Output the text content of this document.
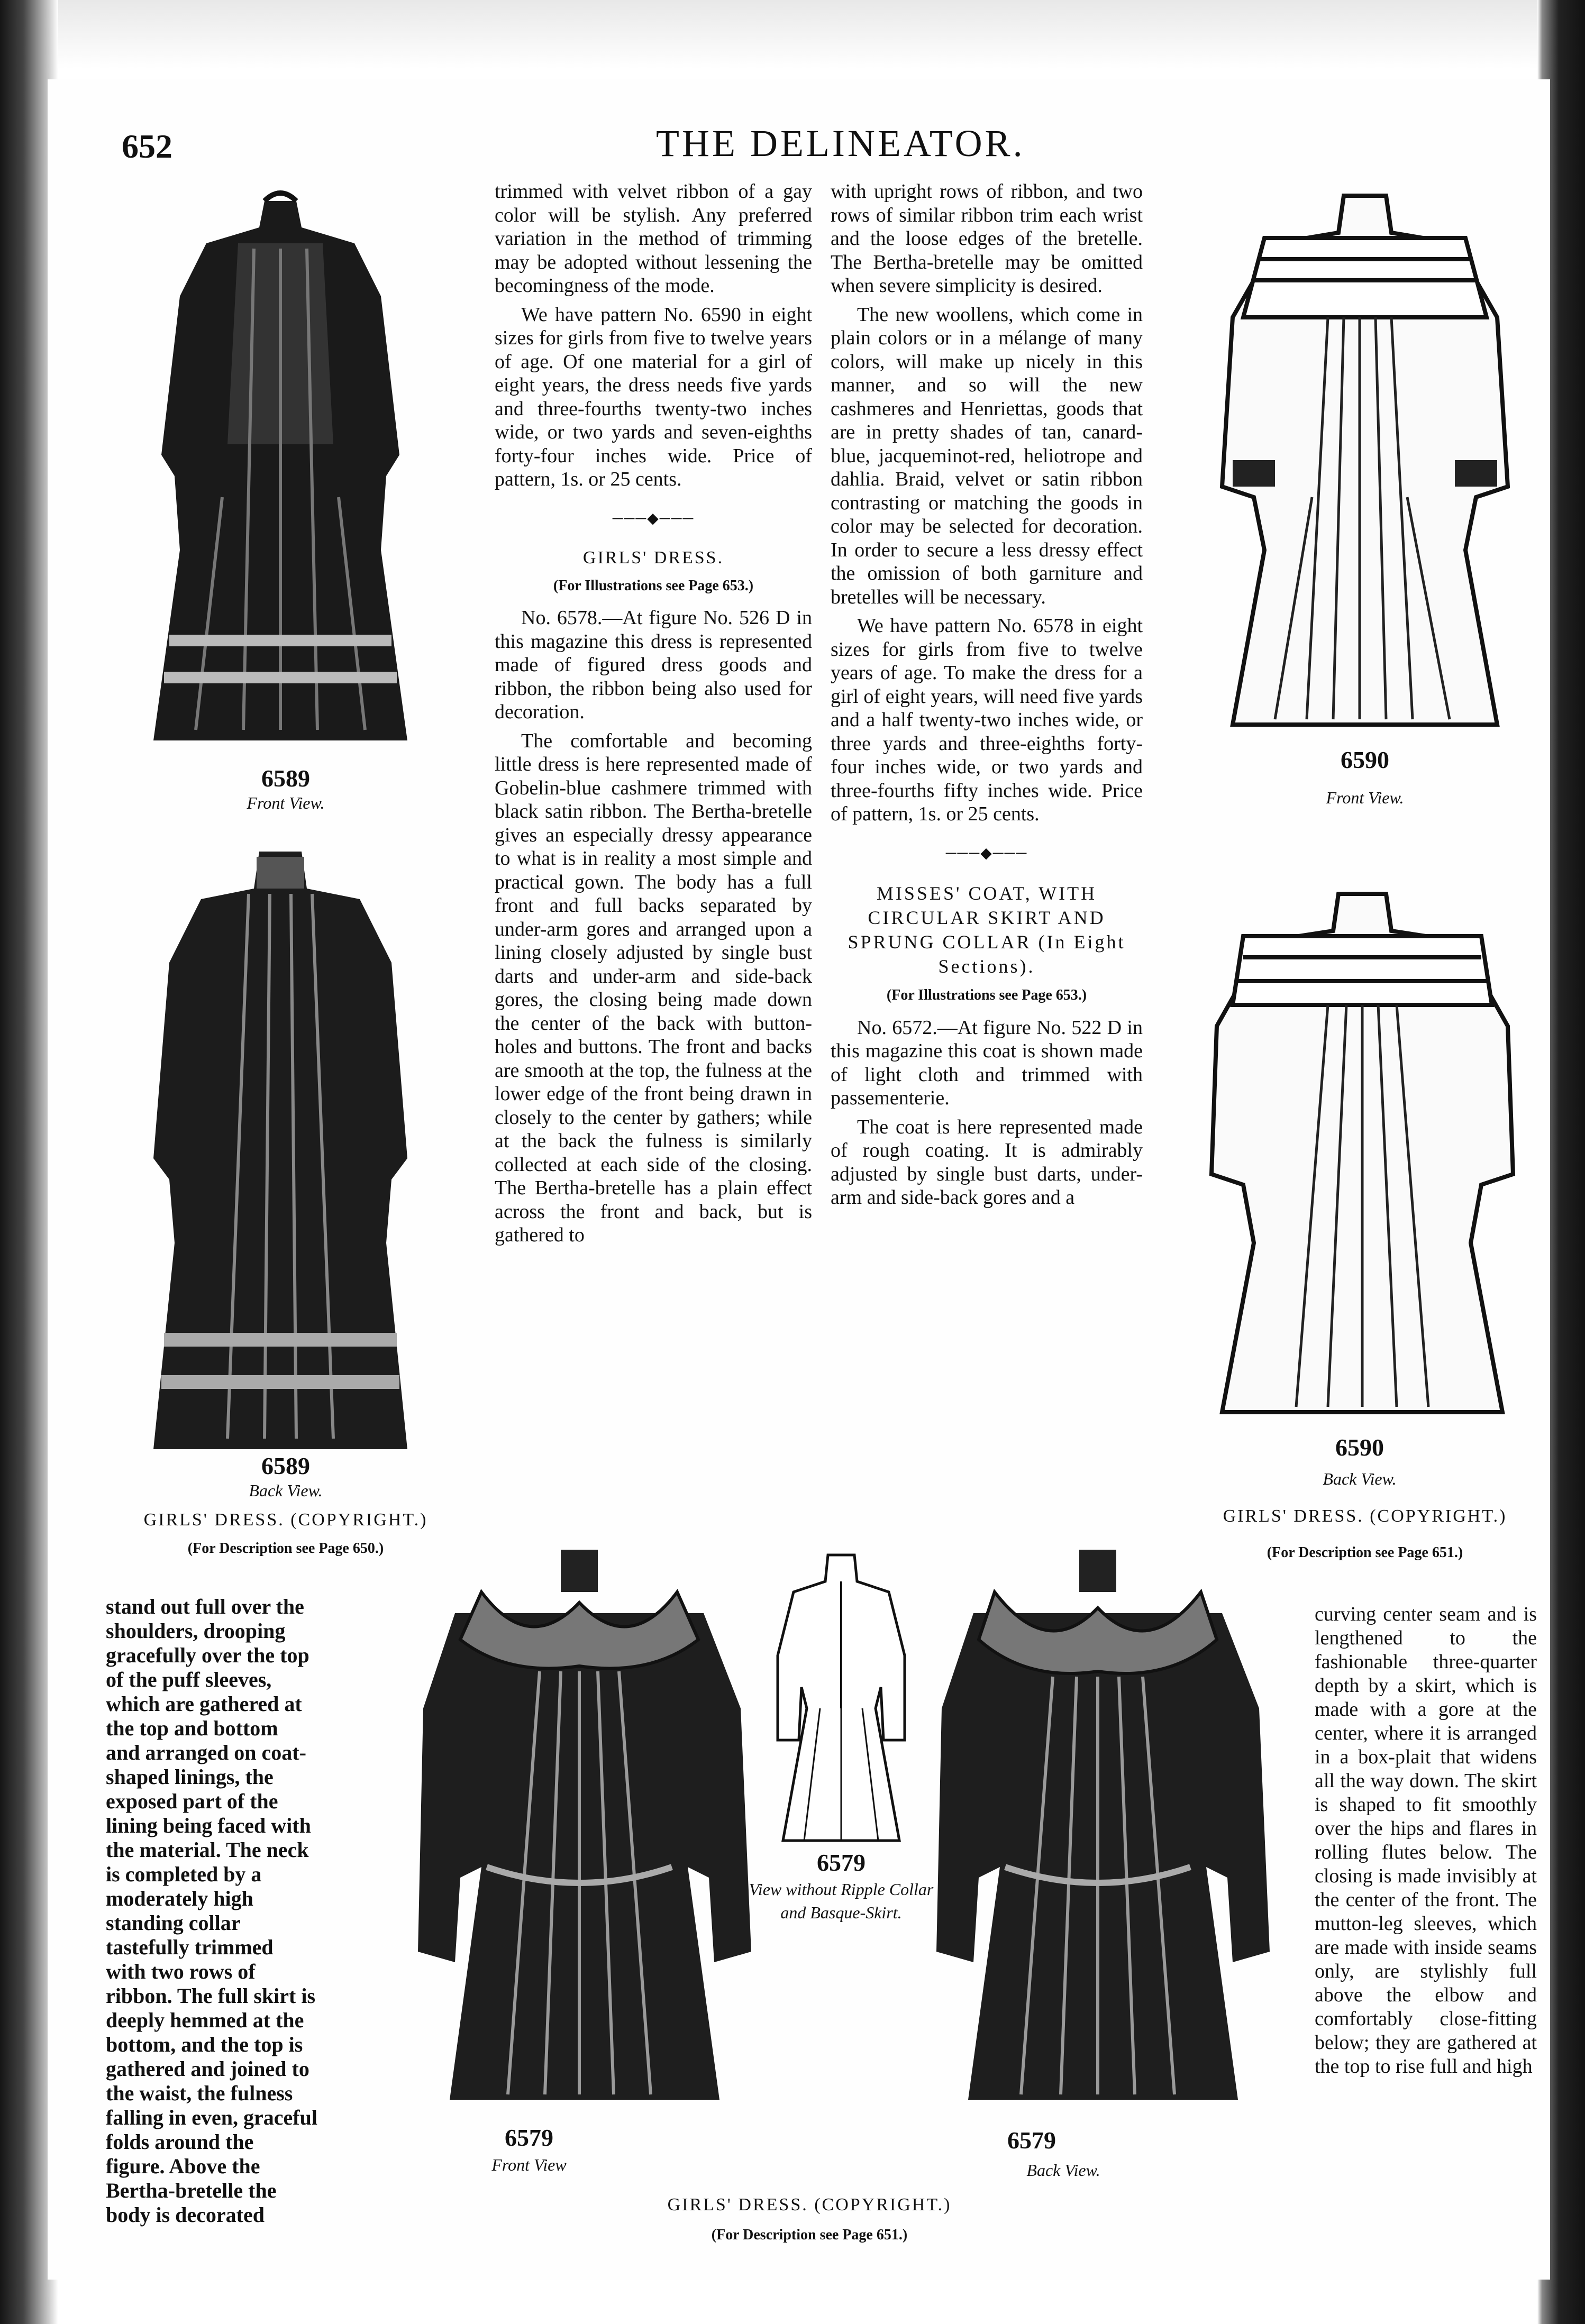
652	THE DELINEATOR.
6589
Front View.
6589
Back View.
GIRLS' DRESS. (COPYRIGHT.)
(For Description see Page 650.)

trimmed with velvet ribbon of a gay color will be stylish. Any preferred variation in the method of trimming may be adopted without lessening the becomingness of the mode.

We have pattern No. 6590 in eight sizes for girls from five to twelve years of age. Of one material for a girl of eight years, the dress needs five yards and three-fourths twenty-two inches wide, or two yards and seven-eighths forty-four inches wide. Price of pattern, 1s. or 25 cents.

───◆───
GIRLS' DRESS.
(For Illustrations see Page 653.)

No. 6578.—At figure No. 526 D in this magazine this dress is represented made of figured dress goods and ribbon, the ribbon being also used for decoration.

The comfortable and becoming little dress is here represented made of Gobelin-blue cashmere trimmed with black satin ribbon. The Bertha-bretelle gives an especially dressy appearance to what is in reality a most simple and practical gown. The body has a full front and full backs separated by under-arm gores and arranged upon a lining closely adjusted by single bust darts and under-arm and side-back gores, the closing being made down the center of the back with button-holes and buttons. The front and backs are smooth at the top, the fulness at the lower edge of the front being drawn in closely to the center by gathers; while at the back the fulness is similarly collected at each side of the closing. The Bertha-bretelle has a plain effect across the front and back, but is gathered to

with upright rows of ribbon, and two rows of similar ribbon trim each wrist and the loose edges of the bretelle. The Bertha-bretelle may be omitted when severe simplicity is desired.

The new woollens, which come in plain colors or in a mélange of many colors, will make up nicely in this manner, and so will the new cashmeres and Henriettas, goods that are in pretty shades of tan, canard-blue, jacqueminot-red, heliotrope and dahlia. Braid, velvet or satin ribbon contrasting or matching the goods in color may be selected for decoration. In order to secure a less dressy effect the omission of both garniture and bretelles will be necessary.

We have pattern No. 6578 in eight sizes for girls from five to twelve years of age. To make the dress for a girl of eight years, will need five yards and a half twenty-two inches wide, or three yards and three-eighths forty-four inches wide, or two yards and three-fourths fifty inches wide. Price of pattern, 1s. or 25 cents.

───◆───
MISSES' COAT, WITH CIRCULAR SKIRT AND SPRUNG COLLAR (In Eight Sections).
(For Illustrations see Page 653.)

No. 6572.—At figure No. 522 D in this magazine this coat is shown made of light cloth and trimmed with passementerie.

The coat is here represented made of rough coating. It is admirably adjusted by single bust darts, under-arm and side-back gores and a

6590
Front View.
6590
Back View.
GIRLS' DRESS. (COPYRIGHT.)
(For Description see Page 651.)

stand out full over the shoulders, drooping gracefully over the top of the puff sleeves, which are gathered at the top and bottom and arranged on coat-shaped linings, the exposed part of the lining being faced with the material. The neck is completed by a moderately high standing collar tastefully trimmed with two rows of ribbon. The full skirt is deeply hemmed at the bottom, and the top is gathered and joined to the waist, the fulness falling in even, graceful folds around the figure. Above the Bertha-bretelle the body is decorated

6579
Front View
6579
View without Ripple Collar and Basque-Skirt.
6579
Back View.
GIRLS' DRESS. (COPYRIGHT.)
(For Description see Page 651.)

curving center seam and is lengthened to the fashionable three-quarter depth by a skirt, which is made with a gore at the center, where it is arranged in a box-plait that widens all the way down. The skirt is shaped to fit smoothly over the hips and flares in rolling flutes below. The closing is made invisibly at the center of the front. The mutton-leg sleeves, which are made with inside seams only, are stylishly full above the elbow and comfortably close-fitting below; they are gathered at the top to rise full and high
